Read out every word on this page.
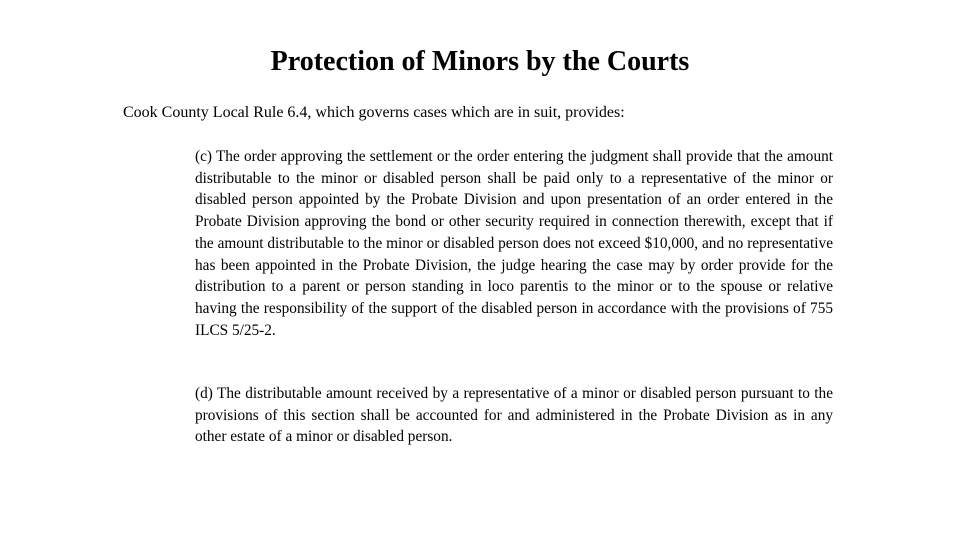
Protection of Minors by the Courts

Cook County Local Rule 6.4, which governs cases which are in suit, provides:

(c) The order approving the settlement or the order entering the judgment shall provide that the amount distributable to the minor or disabled person shall be paid only to a representative of the minor or disabled person appointed by the Probate Division and upon presentation of an order entered in the Probate Division approving the bond or other security required in connection therewith, except that if the amount distributable to the minor or disabled person does not exceed $10,000, and no representative has been appointed in the Probate Division, the judge hearing the case may by order provide for the distribution to a parent or person standing in loco parentis to the minor or to the spouse or relative having the responsibility of the support of the disabled person in accordance with the provisions of 755 ILCS 5/25-2.

(d) The distributable amount received by a representative of a minor or disabled person pursuant to the provisions of this section shall be accounted for and administered in the Probate Division as in any other estate of a minor or disabled person.
